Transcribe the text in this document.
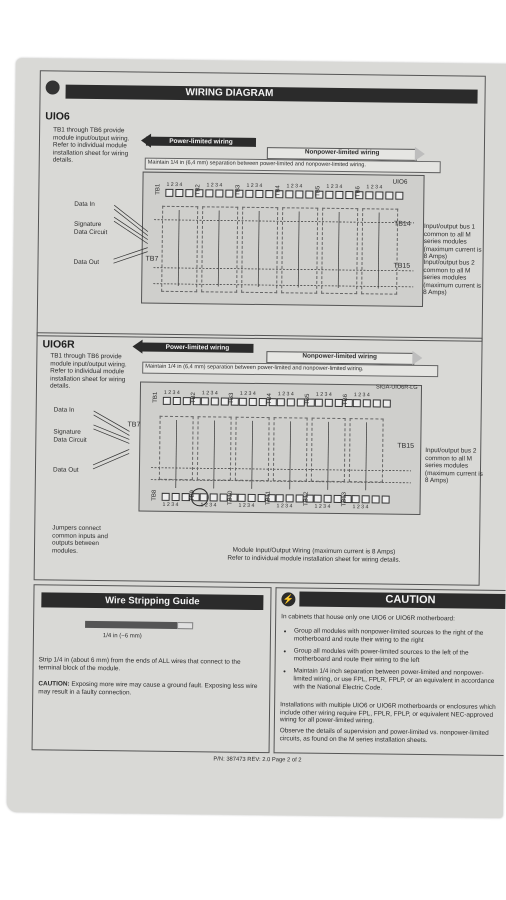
WIRING DIAGRAM
UIO6
TB1 through TB6 provide module input/output wiring. Refer to individual module installation sheet for wiring details.
Power-limited wiring
Nonpower-limited wiring
Maintain 1/4 in (6,4 mm) separation between power-limited and nonpower-limited wiring.
UIO6
Data In
Signature Data Circuit
Data Out	TB7
TB14
TB15
Input/output bus 1 common to all M series modules (maximum current is 8 Amps)
Input/output bus 2 common to all M series modules (maximum current is 8 Amps)
UIO6R
TB1 through TB6 provide module input/output wiring. Refer to individual module installation sheet for wiring details.
Power-limited wiring
Nonpower-limited wiring
Maintain 1/4 in (6,4 mm) separation between power-limited and nonpower-limited wiring.
SIGA-UIO6R-LG
Data In
Signature Data Circuit
Data Out
TB7
TB15
Input/output bus 2 common to all M series modules (maximum current is 8 Amps)
Jumpers connect common inputs and outputs between modules.	Module Input/Output Wiring (maximum current is 8 Amps)
Refer to individual module installation sheet for wiring details.
Wire Stripping Guide
1/4 in (~6 mm)
Strip 1/4 in (about 6 mm) from the ends of ALL wires that connect to the terminal block of the module.
CAUTION: Exposing more wire may cause a ground fault. Exposing less wire may result in a faulty connection.
⚡	CAUTION
In cabinets that house only one UIO6 or UIO6R motherboard:
• Group all modules with nonpower-limited sources to the right of the motherboard and route their wiring to the right
• Group all modules with power-limited sources to the left of the motherboard and route their wiring to the left
• Maintain 1/4 inch separation between power-limited and nonpower-limited wiring, or use FPL, FPLR, FPLP, or an equivalent in accordance with the National Electric Code.
Installations with multiple UIO6 or UIO6R motherboards or enclosures which include other wiring require FPL, FPLR, FPLP, or equivalent NEC-approved wiring for all power-limited wiring.
Observe the details of supervision and power-limited vs. nonpower-limited circuits, as found on the M series installation sheets.
P/N: 387473 REV: 2.0 Page 2 of 2
TB1 1 2 3 4 TB2 1 2 3 4 TB3 1 2 3 4 TB4 1 2 3 4 TB5 1 2 3 4 TB6 1 2 3 4
TB1 1 2 3 4 TB2 1 2 3 4 TB3 1 2 3 4 TB4 1 2 3 4 TB5 1 2 3 4 TB6 1 2 3 4
TB8
1 2 3 4
TB9
1 2 3 4
TB10
1 2 3 4
TB11
1 2 3 4
TB12
1 2 3 4
TB13
1 2 3 4
